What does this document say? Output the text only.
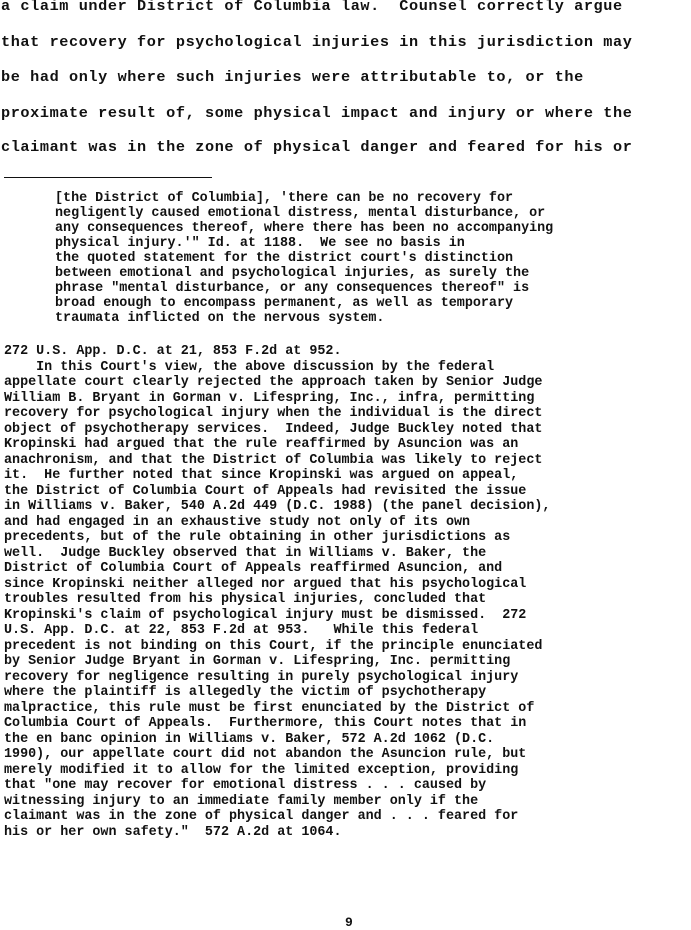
a claim under District of Columbia law.  Counsel correctly argue
that recovery for psychological injuries in this jurisdiction may
be had only where such injuries were attributable to, or the
proximate result of, some physical impact and injury or where the
claimant was in the zone of physical danger and feared for his or
[the District of Columbia], 'there can be no recovery for
negligently caused emotional distress, mental disturbance, or
any consequences thereof, where there has been no accompanying
physical injury.'" Id. at 1188.  We see no basis in
the quoted statement for the district court's distinction
between emotional and psychological injuries, as surely the
phrase "mental disturbance, or any consequences thereof" is
broad enough to encompass permanent, as well as temporary
traumata inflicted on the nervous system.
272 U.S. App. D.C. at 21, 853 F.2d at 952.
In this Court's view, the above discussion by the federal
appellate court clearly rejected the approach taken by Senior Judge
William B. Bryant in Gorman v. Lifespring, Inc., infra, permitting
recovery for psychological injury when the individual is the direct
object of psychotherapy services.  Indeed, Judge Buckley noted that
Kropinski had argued that the rule reaffirmed by Asuncion was an
anachronism, and that the District of Columbia was likely to reject
it.  He further noted that since Kropinski was argued on appeal,
the District of Columbia Court of Appeals had revisited the issue
in Williams v. Baker, 540 A.2d 449 (D.C. 1988) (the panel decision),
and had engaged in an exhaustive study not only of its own
precedents, but of the rule obtaining in other jurisdictions as
well.  Judge Buckley observed that in Williams v. Baker, the
District of Columbia Court of Appeals reaffirmed Asuncion, and
since Kropinski neither alleged nor argued that his psychological
troubles resulted from his physical injuries, concluded that
Kropinski's claim of psychological injury must be dismissed.  272
U.S. App. D.C. at 22, 853 F.2d at 953.   While this federal
precedent is not binding on this Court, if the principle enunciated
by Senior Judge Bryant in Gorman v. Lifespring, Inc. permitting
recovery for negligence resulting in purely psychological injury
where the plaintiff is allegedly the victim of psychotherapy
malpractice, this rule must be first enunciated by the District of
Columbia Court of Appeals.  Furthermore, this Court notes that in
the en banc opinion in Williams v. Baker, 572 A.2d 1062 (D.C.
1990), our appellate court did not abandon the Asuncion rule, but
merely modified it to allow for the limited exception, providing
that "one may recover for emotional distress . . . caused by
witnessing injury to an immediate family member only if the
claimant was in the zone of physical danger and . . . feared for
his or her own safety."  572 A.2d at 1064.
9
